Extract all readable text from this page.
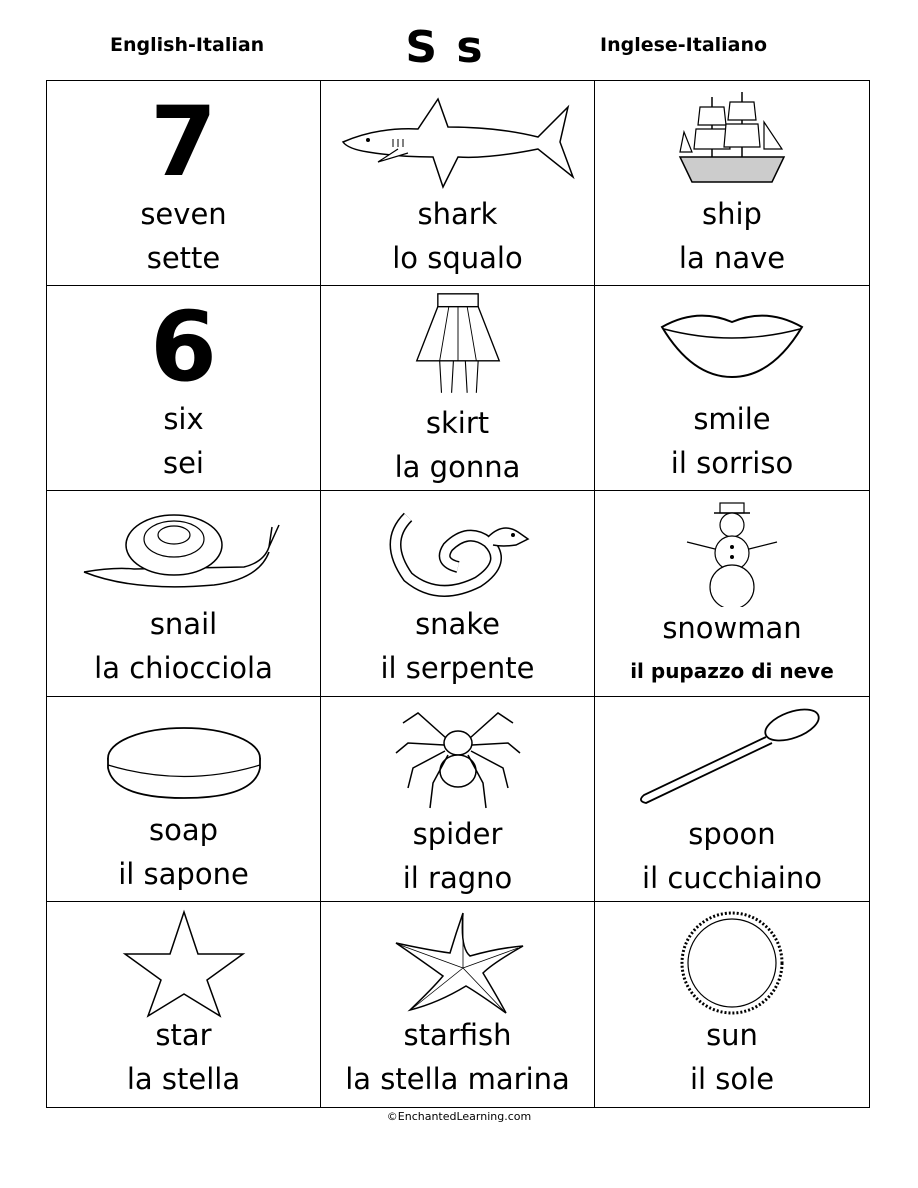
English-Italian	S s	Inglese-Italiano
7
seven
sette
shark
lo squalo
ship
la nave
6
six
sei
skirt
la gonna
smile
il sorriso
snail
la chiocciola
snake
il serpente
snowman
il pupazzo di neve
soap
il sapone
spider
il ragno
spoon
il cucchiaino
star
la stella
starfish
la stella marina
sun
il sole
©EnchantedLearning.com
